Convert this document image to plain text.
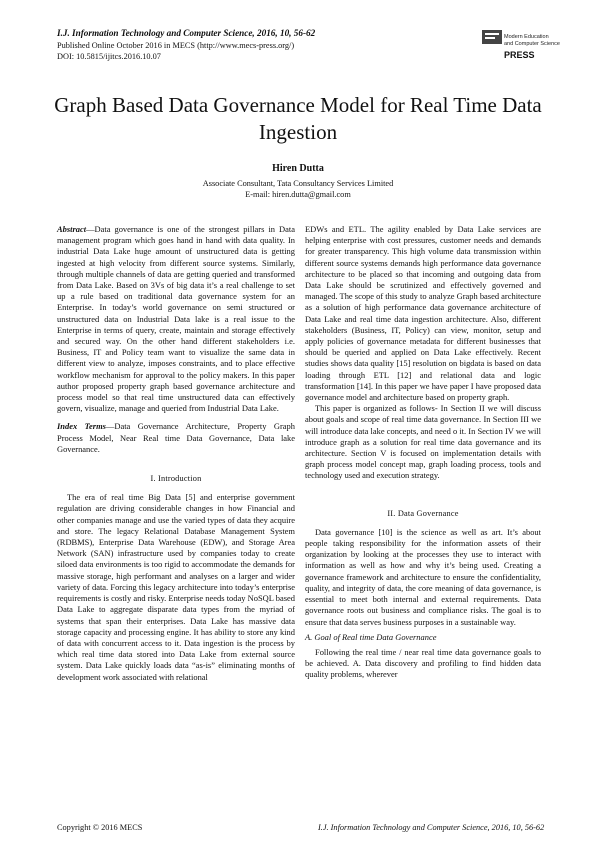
I.J. Information Technology and Computer Science, 2016, 10, 56-62
Published Online October 2016 in MECS (http://www.mecs-press.org/)
DOI: 10.5815/ijitcs.2016.10.07
Modern Education
and Computer Science
PRESS
Graph Based Data Governance Model for Real Time Data Ingestion
Hiren Dutta
Associate Consultant, Tata Consultancy Services Limited
E-mail: hiren.dutta@gmail.com

Abstract—Data governance is one of the strongest pillars in Data management program which goes hand in hand with data quality. In industrial Data Lake huge amount of unstructured data is getting ingested at high velocity from different source systems. Similarly, through multiple channels of data are getting queried and transformed from Data Lake. Based on 3Vs of big data it’s a real challenge to set up a rule based on traditional data governance system for an Enterprise. In today’s world governance on semi structured or unstructured data on Industrial Data lake is a real issue to the Enterprise in terms of query, create, maintain and storage effectively and secured way. On the other hand different stakeholders i.e. Business, IT and Policy team want to visualize the same data in different view to analyze, imposes constraints, and to place effective workflow mechanism for approval to the policy makers. In this paper author proposed property graph based governance architecture and process model so that real time unstructured data can effectively govern, visualize, manage and queried from Industrial Data Lake.

Index Terms—Data Governance Architecture, Property Graph Process Model, Near Real time Data Governance, Data lake Governance.

I. Introduction

The era of real time Big Data [5] and enterprise government regulation are driving considerable changes in how Financial and other companies manage and use the varied types of data they acquire and store. The legacy Relational Database Management System (RDBMS), Enterprise Data Warehouse (EDW), and Storage Area Network (SAN) infrastructure used by companies today to create siloed data environments is too rigid to accommodate the demands for massive storage, high performant and analyses on a larger and wider variety of data. Forcing this legacy architecture into today’s enterprise requirements is costly and risky. Enterprise needs today NoSQL based Data Lake to aggregate disparate data types from the myriad of systems that span their enterprises. Data Lake has massive data storage capacity and processing engine. It has ability to store any kind of data with concurrent access to it. Data ingestion is the process by which real time data stored into Data Lake from external source system. Data Lake quickly loads data “as-is” eliminating months of development work associated with relational

EDWs and ETL. The agility enabled by Data Lake services are helping enterprise with cost pressures, customer needs and demands for greater transparency. This high volume data transmission within different source systems demands high performance data governance architecture to be placed so that incoming and outgoing data from Data Lake should be scrutinized and effectively governed and managed. The scope of this study to analyze Graph based architecture as a solution of high performance data governance architecture of Data Lake and real time data ingestion architecture. Also, different stakeholders (Business, IT, Policy) can view, monitor, setup and apply policies of governance metadata for different businesses that should be queried and applied on Data Lake effectively. Recent studies shows data quality [15] resolution on bigdata is based on data loading through ETL [12] and relational data and logic transformation [14]. In this paper we have paper I have proposed data governance model and architecture based on property graph.

This paper is organized as follows- In Section II we will discuss about goals and scope of real time data governance. In Section III we will introduce data lake concepts, and need o it. In Section IV we will introduce graph as a solution for real time data governance and its architecture. Section V is focused on implementation details with graph process model concept map, graph loading process, tools and technology used and execution strategy.

II. Data Governance

Data governance [10] is the science as well as art. It’s about people taking responsibility for the information assets of their organization by looking at the processes they use to interact with information as well as how and why it’s being used. Creating a governance framework and architecture to ensure the confidentiality, quality, and integrity of data, the core meaning of data governance, is essential to meet both internal and external requirements. Data governance roots out business and compliance risks. The goal is to ensure that data serves business purposes in a sustainable way.

A. Goal of Real time Data Governance

Following the real time / near real time data governance goals to be achieved. A. Data discovery and profiling to find hidden data quality problems, wherever

Copyright © 2016 MECS	I.J. Information Technology and Computer Science, 2016, 10, 56-62
